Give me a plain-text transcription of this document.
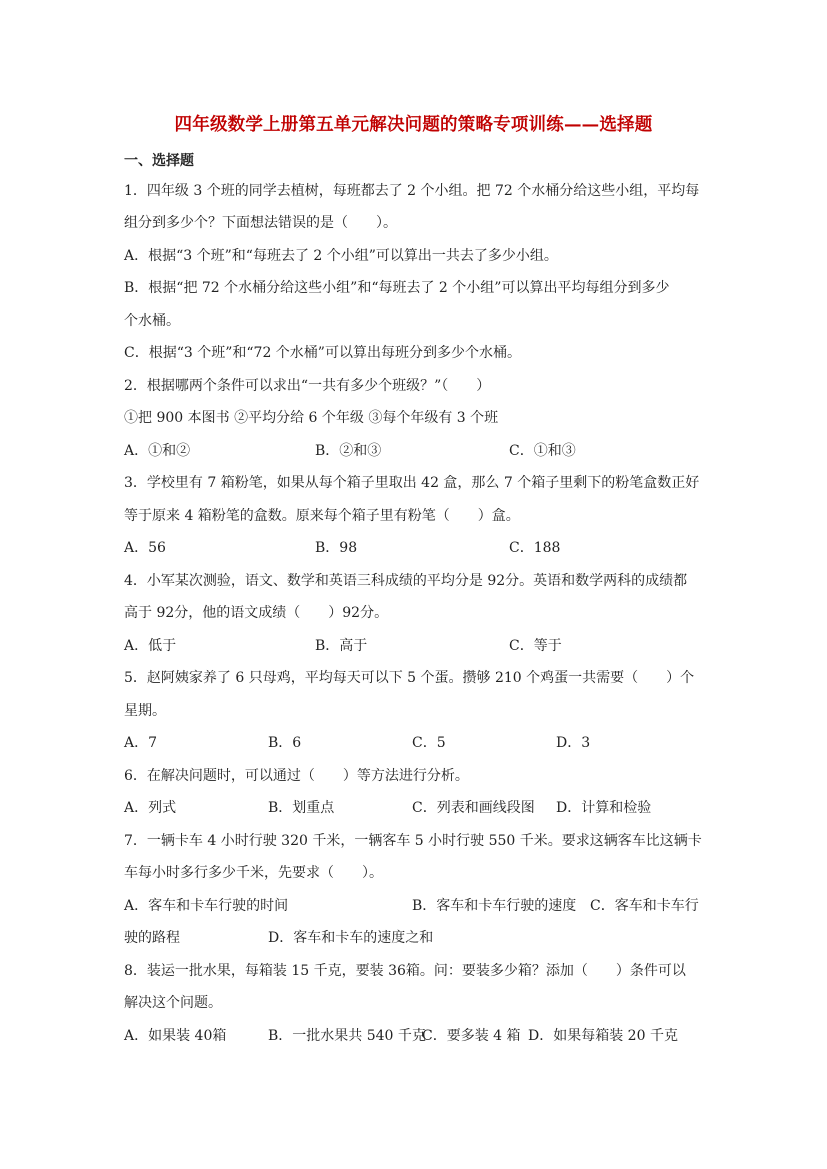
四年级数学上册第五单元解决问题的策略专项训练——选择题
一、选择题
1．四年级 3 个班的同学去植树，每班都去了 2 个小组。把 72 个水桶分给这些小组，平均每
组分到多少个？下面想法错误的是（　　）。
A．根据“3 个班”和“每班去了 2 个小组”可以算出一共去了多少小组。
B．根据“把 72 个水桶分给这些小组”和“每班去了 2 个小组”可以算出平均每组分到多少
个水桶。
C．根据“3 个班”和“72 个水桶”可以算出每班分到多少个水桶。
2．根据哪两个条件可以求出“一共有多少个班级？”（　　）
①把 900 本图书 ②平均分给 6 个年级 ③每个年级有 3 个班
A．①和②	B．②和③	C．①和③
3．学校里有 7 箱粉笔，如果从每个箱子里取出 42 盒，那么 7 个箱子里剩下的粉笔盒数正好
等于原来 4 箱粉笔的盒数。原来每个箱子里有粉笔（　　）盒。
A．56	B．98	C．188
4．小军某次测验，语文、数学和英语三科成绩的平均分是 92分。英语和数学两科的成绩都
高于 92分，他的语文成绩（　　）92分。
A．低于	B．高于	C．等于
5．赵阿姨家养了 6 只母鸡，平均每天可以下 5 个蛋。攒够 210 个鸡蛋一共需要（　　）个
星期。
A．7	B．6	C．5	D．3
6．在解决问题时，可以通过（　　）等方法进行分析。
A．列式	B．划重点	C．列表和画线段图 D．计算和检验
7．一辆卡车 4 小时行驶 320 千米，一辆客车 5 小时行驶 550 千米。要求这辆客车比这辆卡
车每小时多行多少千米，先要求（　　）。
A．客车和卡车行驶的时间	B．客车和卡车行驶的速度 C．客车和卡车行
驶的路程	D．客车和卡车的速度之和
8．装运一批水果，每箱装 15 千克，要装 36箱。问：要装多少箱？添加（　　）条件可以
解决这个问题。
A．如果装 40箱	B．一批水果共 540 千克
C．要多装 4 箱 D．如果每箱装 20 千克
